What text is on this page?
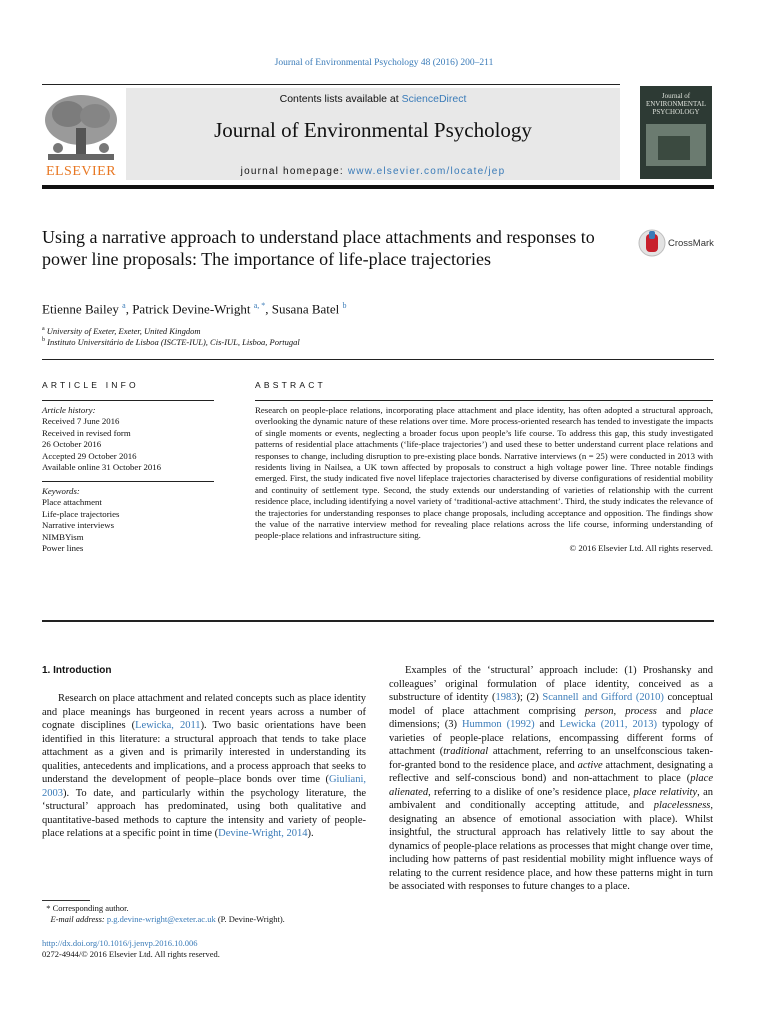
Journal of Environmental Psychology 48 (2016) 200–211
ELSEVIER
Contents lists available at ScienceDirect
Journal of Environmental Psychology
journal homepage: www.elsevier.com/locate/jep
Journal of ENVIRONMENTAL PSYCHOLOGY
Using a narrative approach to understand place attachments and responses to power line proposals: The importance of life-place trajectories
CrossMark
Etienne Bailey $^a$, Patrick Devine-Wright $^{a, *}$, Susana Batel $^b$
$^a$ University of Exeter, Exeter, United Kingdom
$^b$ Instituto Universitário de Lisboa (ISCTE-IUL), Cis-IUL, Lisboa, Portugal
ARTICLE INFO
Article history:
Received 7 June 2016
Received in revised form
26 October 2016
Accepted 29 October 2016
Available online 31 October 2016
Keywords:
Place attachment
Life-place trajectories
Narrative interviews
NIMBYism
Power lines
ABSTRACT
Research on people-place relations, incorporating place attachment and place identity, has often adopted a structural approach, overlooking the dynamic nature of these relations over time. More process-oriented research has tended to investigate the impacts of single moments or events, neglecting a broader focus upon people’s life course. To address this gap, this study investigated patterns of residential place attachments (‘life-place trajectories’) and used these to better understand current place relations and responses to change, including disruption to pre-existing place bonds. Narrative interviews (n = 25) were conducted in 2013 with residents living in Nailsea, a UK town affected by proposals to construct a high voltage power line. Three notable findings emerged. First, the study indicated five novel lifeplace trajectories characterised by diverse configurations of residential mobility and continuity of settlement type. Second, the study extends our understanding of varieties of relationship with the current residence place, including identifying a novel variety of ‘traditional-active attachment’. Third, the study indicates the relevance of the trajectories for understanding responses to place change proposals, including acceptance and opposition. The findings show the value of the narrative interview method for revealing place relations across the life course, informing understanding of people-place relations and infrastructure siting.
© 2016 Elsevier Ltd. All rights reserved.
1. Introduction
Research on place attachment and related concepts such as place identity and place meanings has burgeoned in recent years across a number of cognate disciplines (Lewicka, 2011). Two basic orientations have been identified in this literature: a structural approach that tends to take place attachment as a given and is primarily interested in understanding its qualities, antecedents and implications, and a process approach that seeks to understand the development of people–place bonds over time (Giuliani, 2003). To date, and particularly within the psychology literature, the ‘structural’ approach has predominated, using both qualitative and quantitative-based methods to capture the intensity and variety of people-place relations at a specific point in time (Devine-Wright, 2014).
Examples of the ‘structural’ approach include: (1) Proshansky and colleagues’ original formulation of place identity, conceived as a substructure of identity (1983); (2) Scannell and Gifford (2010) conceptual model of place attachment comprising person, process and place dimensions; (3) Hummon (1992) and Lewicka (2011, 2013) typology of varieties of people-place relations, encompassing different forms of attachment (traditional attachment, referring to an unselfconscious taken-for-granted bond to the residence place, and active attachment, designating a reflective and self-conscious bond) and non-attachment to place (place alienated, referring to a dislike of one’s residence place, place relativity, an ambivalent and conditionally accepting attitude, and placelessness, designating an absence of emotional association with place). Whilst insightful, the structural approach has relatively little to say about the dynamics of people-place relations as processes that might change over time, including how patterns of past residential mobility might influence ways of relating to the current residence place, and how these patterns might in turn be associated with responses to future changes to a place.
* Corresponding author.
E-mail address: p.g.devine-wright@exeter.ac.uk (P. Devine-Wright).
http://dx.doi.org/10.1016/j.jenvp.2016.10.006
0272-4944/© 2016 Elsevier Ltd. All rights reserved.
